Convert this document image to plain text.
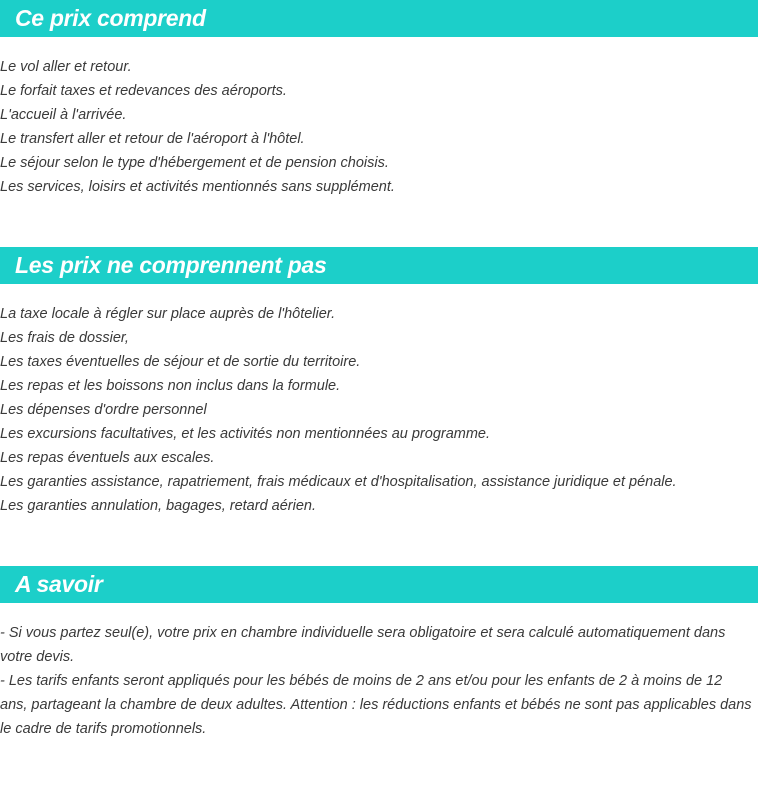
Ce prix comprend
Le vol aller et retour.
Le forfait taxes et redevances des aéroports.
L'accueil à l'arrivée.
Le transfert aller et retour de l'aéroport à l'hôtel.
Le séjour selon le type d'hébergement et de pension choisis.
Les services, loisirs et activités mentionnés sans supplément.
Les prix ne comprennent pas
La taxe locale à régler sur place auprès de l'hôtelier.
Les frais de dossier,
Les taxes éventuelles de séjour et de sortie du territoire.
Les repas et les boissons non inclus dans la formule.
Les dépenses d'ordre personnel
Les excursions facultatives, et les activités non mentionnées au programme.
Les repas éventuels aux escales.
Les garanties assistance, rapatriement, frais médicaux et d'hospitalisation, assistance juridique et pénale.
Les garanties annulation, bagages, retard aérien.
A savoir

- Si vous partez seul(e), votre prix en chambre individuelle sera obligatoire et sera calculé automatiquement dans votre devis.

- Les tarifs enfants seront appliqués pour les bébés de moins de 2 ans et/ou pour les enfants de 2 à moins de 12 ans, partageant la chambre de deux adultes. Attention : les réductions enfants et bébés ne sont pas applicables dans le cadre de tarifs promotionnels.
